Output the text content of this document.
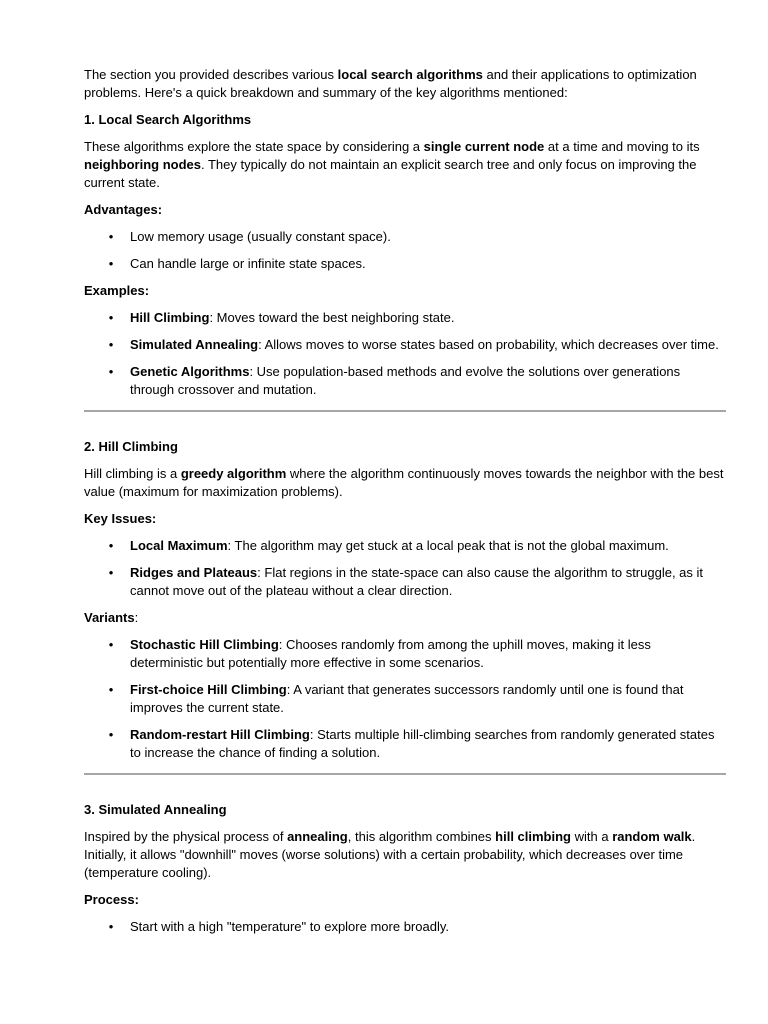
The section you provided describes various local search algorithms and their applications to optimization problems. Here's a quick breakdown and summary of the key algorithms mentioned:

1. Local Search Algorithms

These algorithms explore the state space by considering a single current node at a time and moving to its neighboring nodes. They typically do not maintain an explicit search tree and only focus on improving the current state.

Advantages:

• Low memory usage (usually constant space).
• Can handle large or infinite state spaces.

Examples:

• Hill Climbing: Moves toward the best neighboring state.
• Simulated Annealing: Allows moves to worse states based on probability, which decreases over time.
• Genetic Algorithms: Use population-based methods and evolve the solutions over generations through crossover and mutation.

2. Hill Climbing

Hill climbing is a greedy algorithm where the algorithm continuously moves towards the neighbor with the best value (maximum for maximization problems).

Key Issues:

• Local Maximum: The algorithm may get stuck at a local peak that is not the global maximum.
• Ridges and Plateaus: Flat regions in the state-space can also cause the algorithm to struggle, as it cannot move out of the plateau without a clear direction.

Variants:

• Stochastic Hill Climbing: Chooses randomly from among the uphill moves, making it less deterministic but potentially more effective in some scenarios.
• First-choice Hill Climbing: A variant that generates successors randomly until one is found that improves the current state.
• Random-restart Hill Climbing: Starts multiple hill-climbing searches from randomly generated states to increase the chance of finding a solution.

3. Simulated Annealing

Inspired by the physical process of annealing, this algorithm combines hill climbing with a random walk. Initially, it allows "downhill" moves (worse solutions) with a certain probability, which decreases over time (temperature cooling).

Process:

• Start with a high "temperature" to explore more broadly.
